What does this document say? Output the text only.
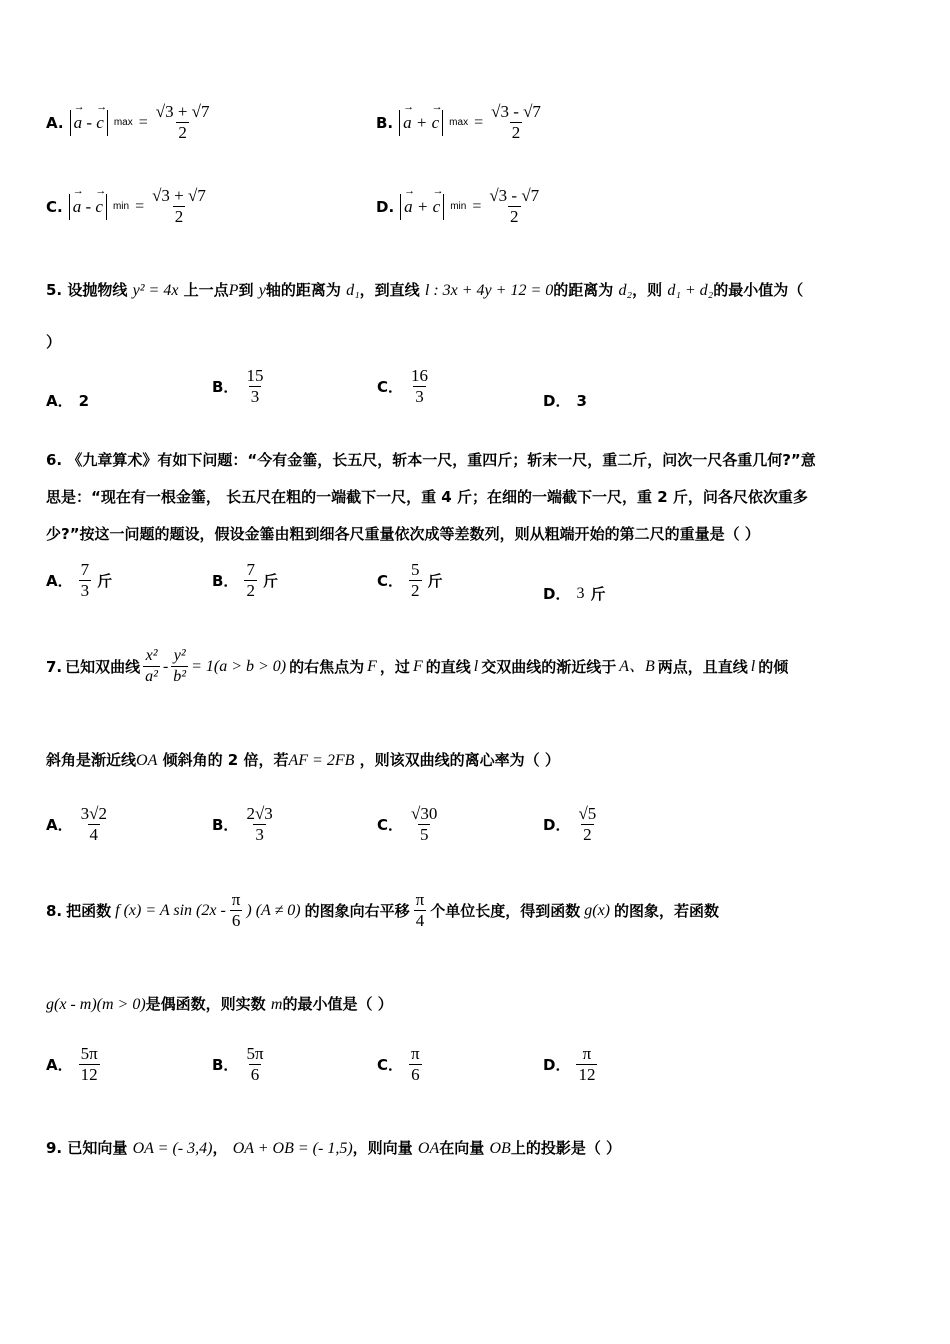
A. → a - → c	$\max = \frac{√3 + √7}{2}$	B. → a + → c	$\max = \frac{√3 - √7}{2}$
C. → a - → c	$\min = \frac{√3 + √7}{2}$	D. → a + → c	$\min = \frac{√3 - √7}{2}$
5. 设抛物线 y² = 4x 上一点P到 y轴的距离为 d₁，到直线 l : 3x + 4y + 12 = 0的距离为 d₂，则 d₁ + d₂的最小值为（
）
A． 2
B． $\frac{15}{3}$	C． $\frac{16}{3}$	D． 3
6. 《九章算术》有如下问题：“今有金箠，长五尺，斩本一尺，重四斤；斩末一尺，重二斤，问次一尺各重几何?”意
思是：“现在有一根金箠， 长五尺在粗的一端截下一尺，重 4 斤；在细的一端截下一尺，重 2 斤，问各尺依次重多
少?”按这一问题的题设，假设金箠由粗到细各尺重量依次成等差数列，则从粗端开始的第二尺的重量是（ ）
A． $\frac{7}{3}$ 斤	B． $\frac{7}{2}$ 斤	C． $\frac{5}{2}$ 斤
D． 3 斤
7. 已知双曲线 $\frac{\text{x²}}{\text{a²}} - \frac{\text{y²}}{\text{b²}} = 1(a > b > 0)$ 的右焦点为 F ，过 F 的直线 l 交双曲线的渐近线于 A、B 两点，且直线 l 的倾
斜角是渐近线OA 倾斜角的 2 倍，若AF = 2FB ，则该双曲线的离心率为（ ）
A． $\frac{3√2}{4}$	B． $\frac{2√3}{3}$	C． $\frac{√30}{5}$	D． $\frac{√5}{2}$
8. 把函数 f (x) = A $\sin (2x - \frac{\pi}{6}$ ) (A ≠ 0) 的图象向右平移 $\frac{\pi}{4}$ 个单位长度，得到函数 g(x) 的图象，若函数
g(x - m)(m > 0)是偶函数，则实数 m的最小值是（ ）
A． $\frac{5\pi}{12}$	B． $\frac{5\pi}{6}$	C． $\frac{\pi}{6}$	D． $\frac{\pi}{12}$
9. 已知向量 OA = (- 3,4)， OA + OB = (- 1,5)，则向量 OA在向量 OB上的投影是（ ）
